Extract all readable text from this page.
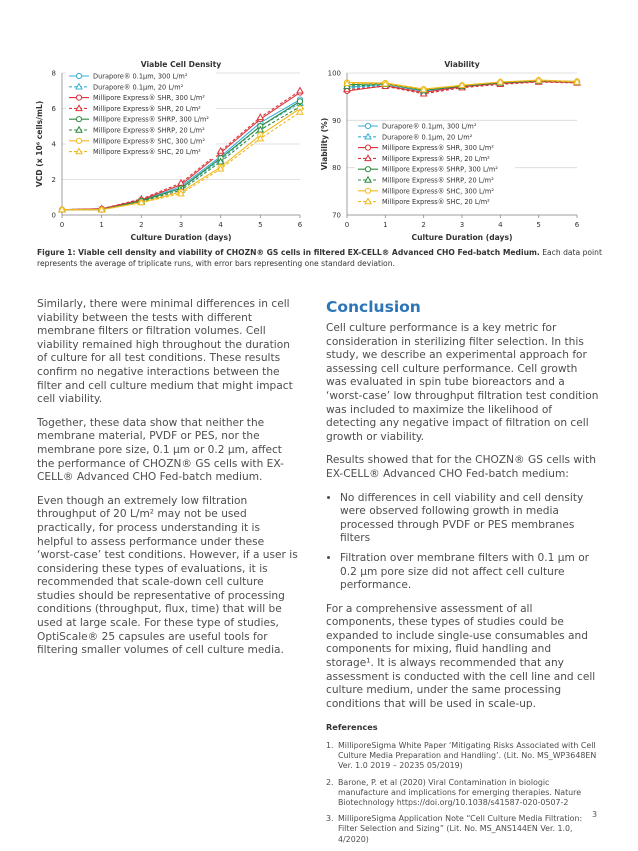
Viable Cell Density
0
2
4
6
8
0	1	2	3	4	5	6
Culture Duration (days)
VCD (x 10⁶ cells/mL)
Durapore® 0.1μm, 300 L/m²
Durapore® 0.1μm, 20 L/m²
Millipore Express® SHR, 300 L/m²
Millipore Express® SHR, 20 L/m²
Millipore Express® SHRP, 300 L/m²
Millipore Express® SHRP, 20 L/m²
Millipore Express® SHC, 300 L/m²
Millipore Express® SHC, 20 L/m²
Viability
70
80
90
100
0	1	2	3	4	5	6
Culture Duration (days)
Viability (%)	Durapore® 0.1μm, 300 L/m²
Durapore® 0.1μm, 20 L/m²
Millipore Express® SHR, 300 L/m²
Millipore Express® SHR, 20 L/m²
Millipore Express® SHRP, 300 L/m²
Millipore Express® SHRP, 20 L/m²
Millipore Express® SHC, 300 L/m²
Millipore Express® SHC, 20 L/m²
Figure 1: Viable cell density and viability of CHOZN® GS cells in filtered EX-CELL® Advanced CHO Fed-batch Medium. Each data point represents the average of triplicate runs, with error bars representing one standard deviation.

Similarly, there were minimal differences in cell viability between the tests with different membrane filters or filtration volumes. Cell viability remained high throughout the duration of culture for all test conditions. These results confirm no negative interactions between the filter and cell culture medium that might impact cell viability.

Together, these data show that neither the membrane material, PVDF or PES, nor the membrane pore size, 0.1 μm or 0.2 μm, affect the performance of CHOZN® GS cells with EX-CELL® Advanced CHO Fed-batch medium.

Even though an extremely low filtration throughput of 20 L/m² may not be used practically, for process understanding it is helpful to assess performance under these ‘worst-case’ test conditions. However, if a user is considering these types of evaluations, it is recommended that scale-down cell culture studies should be representative of processing conditions (throughput, flux, time) that will be used at large scale. For these type of studies, OptiScale® 25 capsules are useful tools for filtering smaller volumes of cell culture media.

Conclusion

Cell culture performance is a key metric for consideration in sterilizing filter selection. In this study, we describe an experimental approach for assessing cell culture performance. Cell growth was evaluated in spin tube bioreactors and a ‘worst-case’ low throughput filtration test condition was included to maximize the likelihood of detecting any negative impact of filtration on cell growth or viability.

Results showed that for the CHOZN® GS cells with EX-CELL® Advanced CHO Fed-batch medium:

• No differences in cell viability and cell density were observed following growth in media processed through PVDF or PES membranes filters
• Filtration over membrane filters with 0.1 μm or 0.2 μm pore size did not affect cell culture performance.

For a comprehensive assessment of all components, these types of studies could be expanded to include single-use consumables and components for mixing, fluid handling and storage¹. It is always recommended that any assessment is conducted with the cell line and cell culture medium, under the same processing conditions that will be used in scale-up.

References
1. MilliporeSigma White Paper ‘Mitigating Risks Associated with Cell Culture Media Preparation and Handling’. (Lit. No. MS_WP3648EN Ver. 1.0 2019 – 20235 05/2019)
2. Barone, P. et al (2020) Viral Contamination in biologic manufacture and implications for emerging therapies. Nature Biotechnology https://doi.org/10.1038/s41587-020-0507-2
3. MilliporeSigma Application Note “Cell Culture Media Filtration: Filter Selection and Sizing” (Lit. No. MS_ANS144EN Ver. 1.0, 4/2020)
3
